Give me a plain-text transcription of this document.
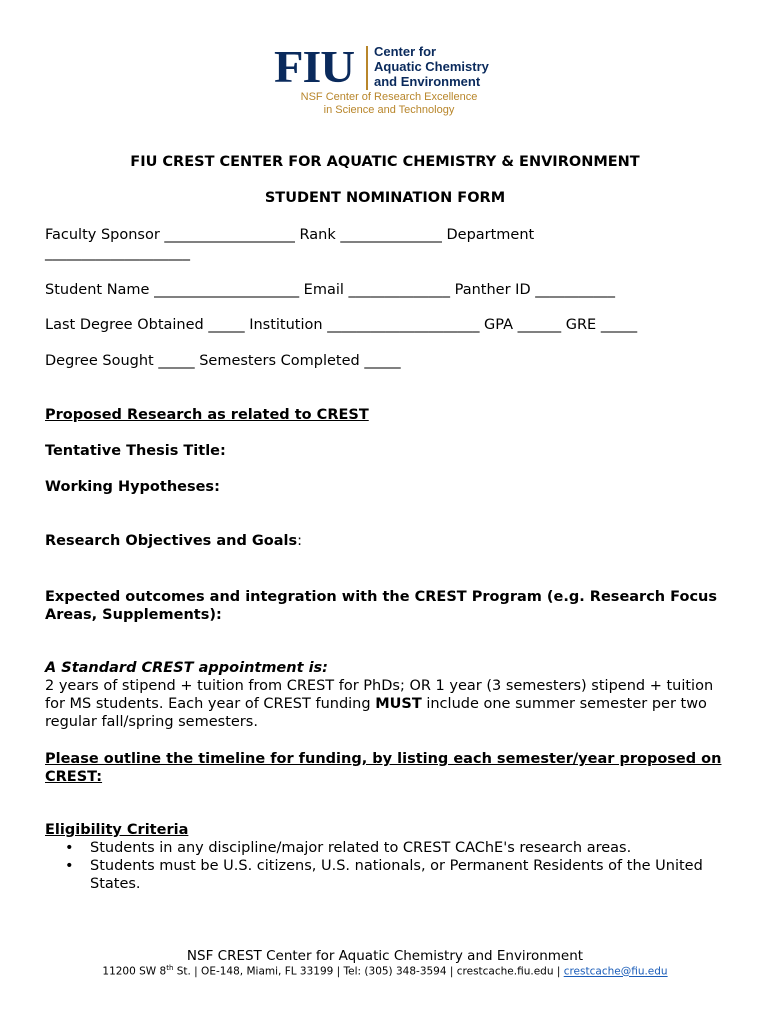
FIU Center for
Aquatic Chemistry
and Environment
NSF Center of Research Excellence
in Science and Technology
FIU CREST CENTER FOR AQUATIC CHEMISTRY & ENVIRONMENT
STUDENT NOMINATION FORM
Faculty Sponsor __________________ Rank ______________ Department
____________________
Student Name ____________________ Email ______________ Panther ID ___________
Last Degree Obtained _____ Institution _____________________ GPA ______ GRE _____
Degree Sought _____ Semesters Completed _____
Proposed Research as related to CREST
Tentative Thesis Title:
Working Hypotheses:
Research Objectives and Goals:
Expected outcomes and integration with the CREST Program (e.g. Research Focus Areas, Supplements):
A Standard CREST appointment is:
2 years of stipend + tuition from CREST for PhDs; OR 1 year (3 semesters) stipend + tuition for MS students. Each year of CREST funding MUST include one summer semester per two regular fall/spring semesters.
Please outline the timeline for funding, by listing each semester/year proposed on CREST:
Eligibility Criteria
• Students in any discipline/major related to CREST CAChE's research areas.
• Students must be U.S. citizens, U.S. nationals, or Permanent Residents of the United States.
NSF CREST Center for Aquatic Chemistry and Environment
11200 SW 8th St. | OE-148, Miami, FL 33199 | Tel: (305) 348-3594 | crestcache.fiu.edu | crestcache@fiu.edu
